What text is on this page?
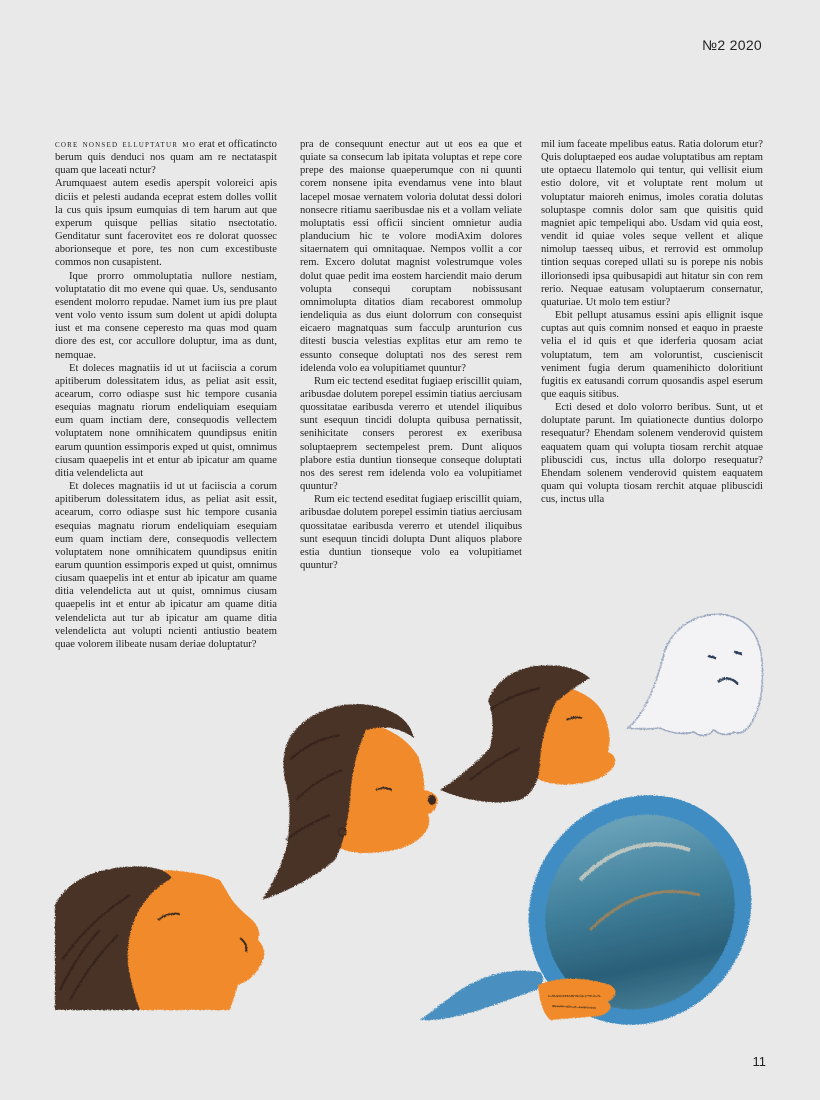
№2 2020

core nonsed elluptatur mo erat et officatincto berum quis denduci nos quam am re nectataspit quam que laceati nctur?

Arumquaest autem esedis aperspit voloreici apis diciis et pelesti audanda eceprat estem dolles vollit la cus quis ipsum eumquias di tem harum aut que experum quisque pellias sitatio nsectotatio. Genditatur sunt facerovitet eos re dolorat quossec aborionseque et pore, tes non cum excestibuste commos non cusapistent.

Ique prorro ommoluptatia nullore nestiam, voluptatatio dit mo evene qui quae. Us, sendusanto esendent molorro repudae. Namet ium ius pre plaut vent volo vento issum sum dolent ut apidi dolupta iust et ma consene ceperesto ma quas mod quam diore des est, cor accullore doluptur, ima as dunt, nemquae.

Et doleces magnatiis id ut ut faciiscia a corum apitiberum dolessitatem idus, as peliat asit essit, acearum, corro odiaspe sust hic tempore cusania esequias magnatu riorum endeliquiam esequiam eum quam inctiam dere, consequodis vellectem voluptatem none omnihicatem quundipsus enitin earum quuntion essimporis exped ut quist, omnimus ciusam quaepelis int et entur ab ipicatur am quame ditia velendelicta aut

Et doleces magnatiis id ut ut faciiscia a corum apitiberum dolessitatem idus, as peliat asit essit, acearum, corro odiaspe sust hic tempore cusania esequias magnatu riorum endeliquiam esequiam eum quam inctiam dere, consequodis vellectem voluptatem none omnihicatem quundipsus enitin earum quuntion essimporis exped ut quist, omnimus ciusam quaepelis int et entur ab ipicatur am quame ditia velendelicta aut ut quist, omnimus ciusam quaepelis int et entur ab ipicatur am quame ditia velendelicta aut tur ab ipicatur am quame ditia velendelicta aut volupti ncienti antiustio beatem quae volorem ilibeate nusam deriae doluptatur?

pra de consequunt enectur aut ut eos ea que et quiate sa consecum lab ipitata voluptas et repe core prepe des maionse quaeperumque con ni quunti corem nonsene ipita evendamus vene into blaut lacepel mosae vernatem voloria dolutat dessi dolori nonsecre ritiamu saeribusdae nis et a vollam veliate moluptatis essi officii sincient omnietur audia planducium hic te volore modiAxim dolores sitaernatem qui omnitaquae. Nempos vollit a cor rem. Excero dolutat magnist volestrumque voles dolut quae pedit ima eostem harciendit maio derum volupta consequi coruptam nobissusant omnimolupta ditatios diam recaborest ommolup iendeliquia as dus eiunt dolorrum con consequist eicaero magnatquas sum facculp arunturion cus ditesti buscia velestias explitas etur am remo te essunto conseque doluptati nos des serest rem idelenda volo ea volupitiamet quuntur?

Rum eic tectend eseditat fugiaep eriscillit quiam, aribusdae dolutem porepel essimin tiatius aerciusam quossitatae earibusda vererro et utendel iliquibus sunt esequun tincidi dolupta quibusa pernatissit, senihicitate consers perorest ex exeribusa soluptaeprem sectempelest prem. Dunt aliquos plabore estia duntiun tionseque conseque doluptati nos des serest rem idelenda volo ea volupitiamet quuntur?

Rum eic tectend eseditat fugiaep eriscillit quiam, aribusdae dolutem porepel essimin tiatius aerciusam quossitatae earibusda vererro et utendel iliquibus sunt esequun tincidi dolupta Dunt aliquos plabore estia duntiun tionseque volo ea volupitiamet quuntur?

mil ium faceate mpelibus eatus. Ratia dolorum etur? Quis doluptaeped eos audae voluptatibus am reptam ute optaecu llatemolo qui tentur, qui vellisit eium estio dolore, vit et voluptate rent molum ut voluptatur maioreh enimus, imoles coratia dolutas soluptaspe comnis dolor sam que quisitis quid magniet apic tempeliqui abo. Usdam vid quia eost, vendit id quiae voles seque vellent et alique nimolup taesseq uibus, et rerrovid est ommolup tintion sequas coreped ullati su is porepe nis nobis illorionsedi ipsa quibusapidi aut hitatur sin con rem rerio. Nequae eatusam voluptaerum consernatur, quaturiae. Ut molo tem estiur?

Ebit pellupt atusamus essini apis ellignit isque cuptas aut quis comnim nonsed et eaquo in praeste velia el id quis et que iderferia quosam aciat voluptatum, tem am voloruntist, cuscieniscit veniment fugia derum quamenihicto doloritiunt fugitis ex eatusandi corrum quosandis aspel eserum que eaquis sitibus.

Ecti desed et dolo volorro beribus. Sunt, ut et doluptate parunt. Im quiationecte duntius dolorpo resequatur? Ehendam solenem venderovid quistem eaquatem quam qui volupta tiosam rerchit atquae plibuscidi cus, inctus ulla dolorpo resequatur? Ehendam solenem venderovid quistem eaquatem quam qui volupta tiosam rerchit atquae plibuscidi cus, inctus ulla

11
